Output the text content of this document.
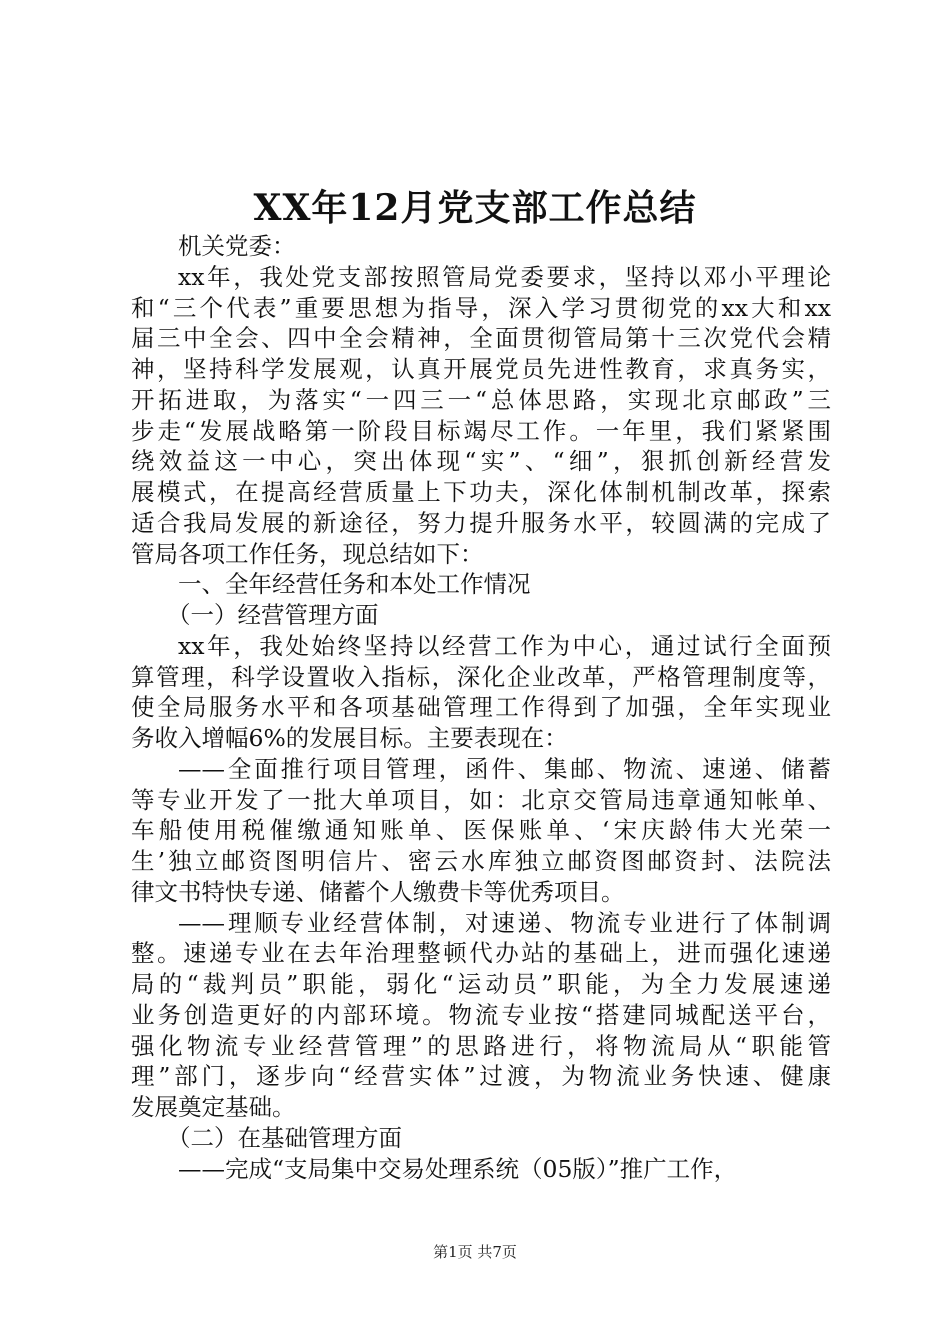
XX年12月党支部工作总结
机关党委：
xx年，我处党支部按照管局党委要求，坚持以邓小平理论
和“三个代表”重要思想为指导，深入学习贯彻党的xx大和xx
届三中全会、四中全会精神，全面贯彻管局第十三次党代会精
神，坚持科学发展观，认真开展党员先进性教育，求真务实，
开拓进取，为落实“一四三一“总体思路，实现北京邮政”三
步走“发展战略第一阶段目标竭尽工作。一年里，我们紧紧围
绕效益这一中心，突出体现“实”、“细”，狠抓创新经营发
展模式，在提高经营质量上下功夫，深化体制机制改革，探索
适合我局发展的新途径，努力提升服务水平，较圆满的完成了
管局各项工作任务，现总结如下：
一、全年经营任务和本处工作情况
（一）经营管理方面
xx年，我处始终坚持以经营工作为中心，通过试行全面预
算管理，科学设置收入指标，深化企业改革，严格管理制度等，
使全局服务水平和各项基础管理工作得到了加强，全年实现业
务收入增幅6%的发展目标。主要表现在：
——全面推行项目管理，函件、集邮、物流、速递、储蓄
等专业开发了一批大单项目，如：北京交管局违章通知帐单、
车船使用税催缴通知账单、医保账单、‘宋庆龄伟大光荣一
生’独立邮资图明信片、密云水库独立邮资图邮资封、法院法
律文书特快专递、储蓄个人缴费卡等优秀项目。
——理顺专业经营体制，对速递、物流专业进行了体制调
整。速递专业在去年治理整顿代办站的基础上，进而强化速递
局的“裁判员”职能，弱化“运动员”职能，为全力发展速递
业务创造更好的内部环境。物流专业按“搭建同城配送平台，
强化物流专业经营管理”的思路进行，将物流局从“职能管
理”部门，逐步向“经营实体”过渡，为物流业务快速、健康
发展奠定基础。
（二）在基础管理方面
——完成“支局集中交易处理系统（05版）”推广工作，
第1页 共7页
